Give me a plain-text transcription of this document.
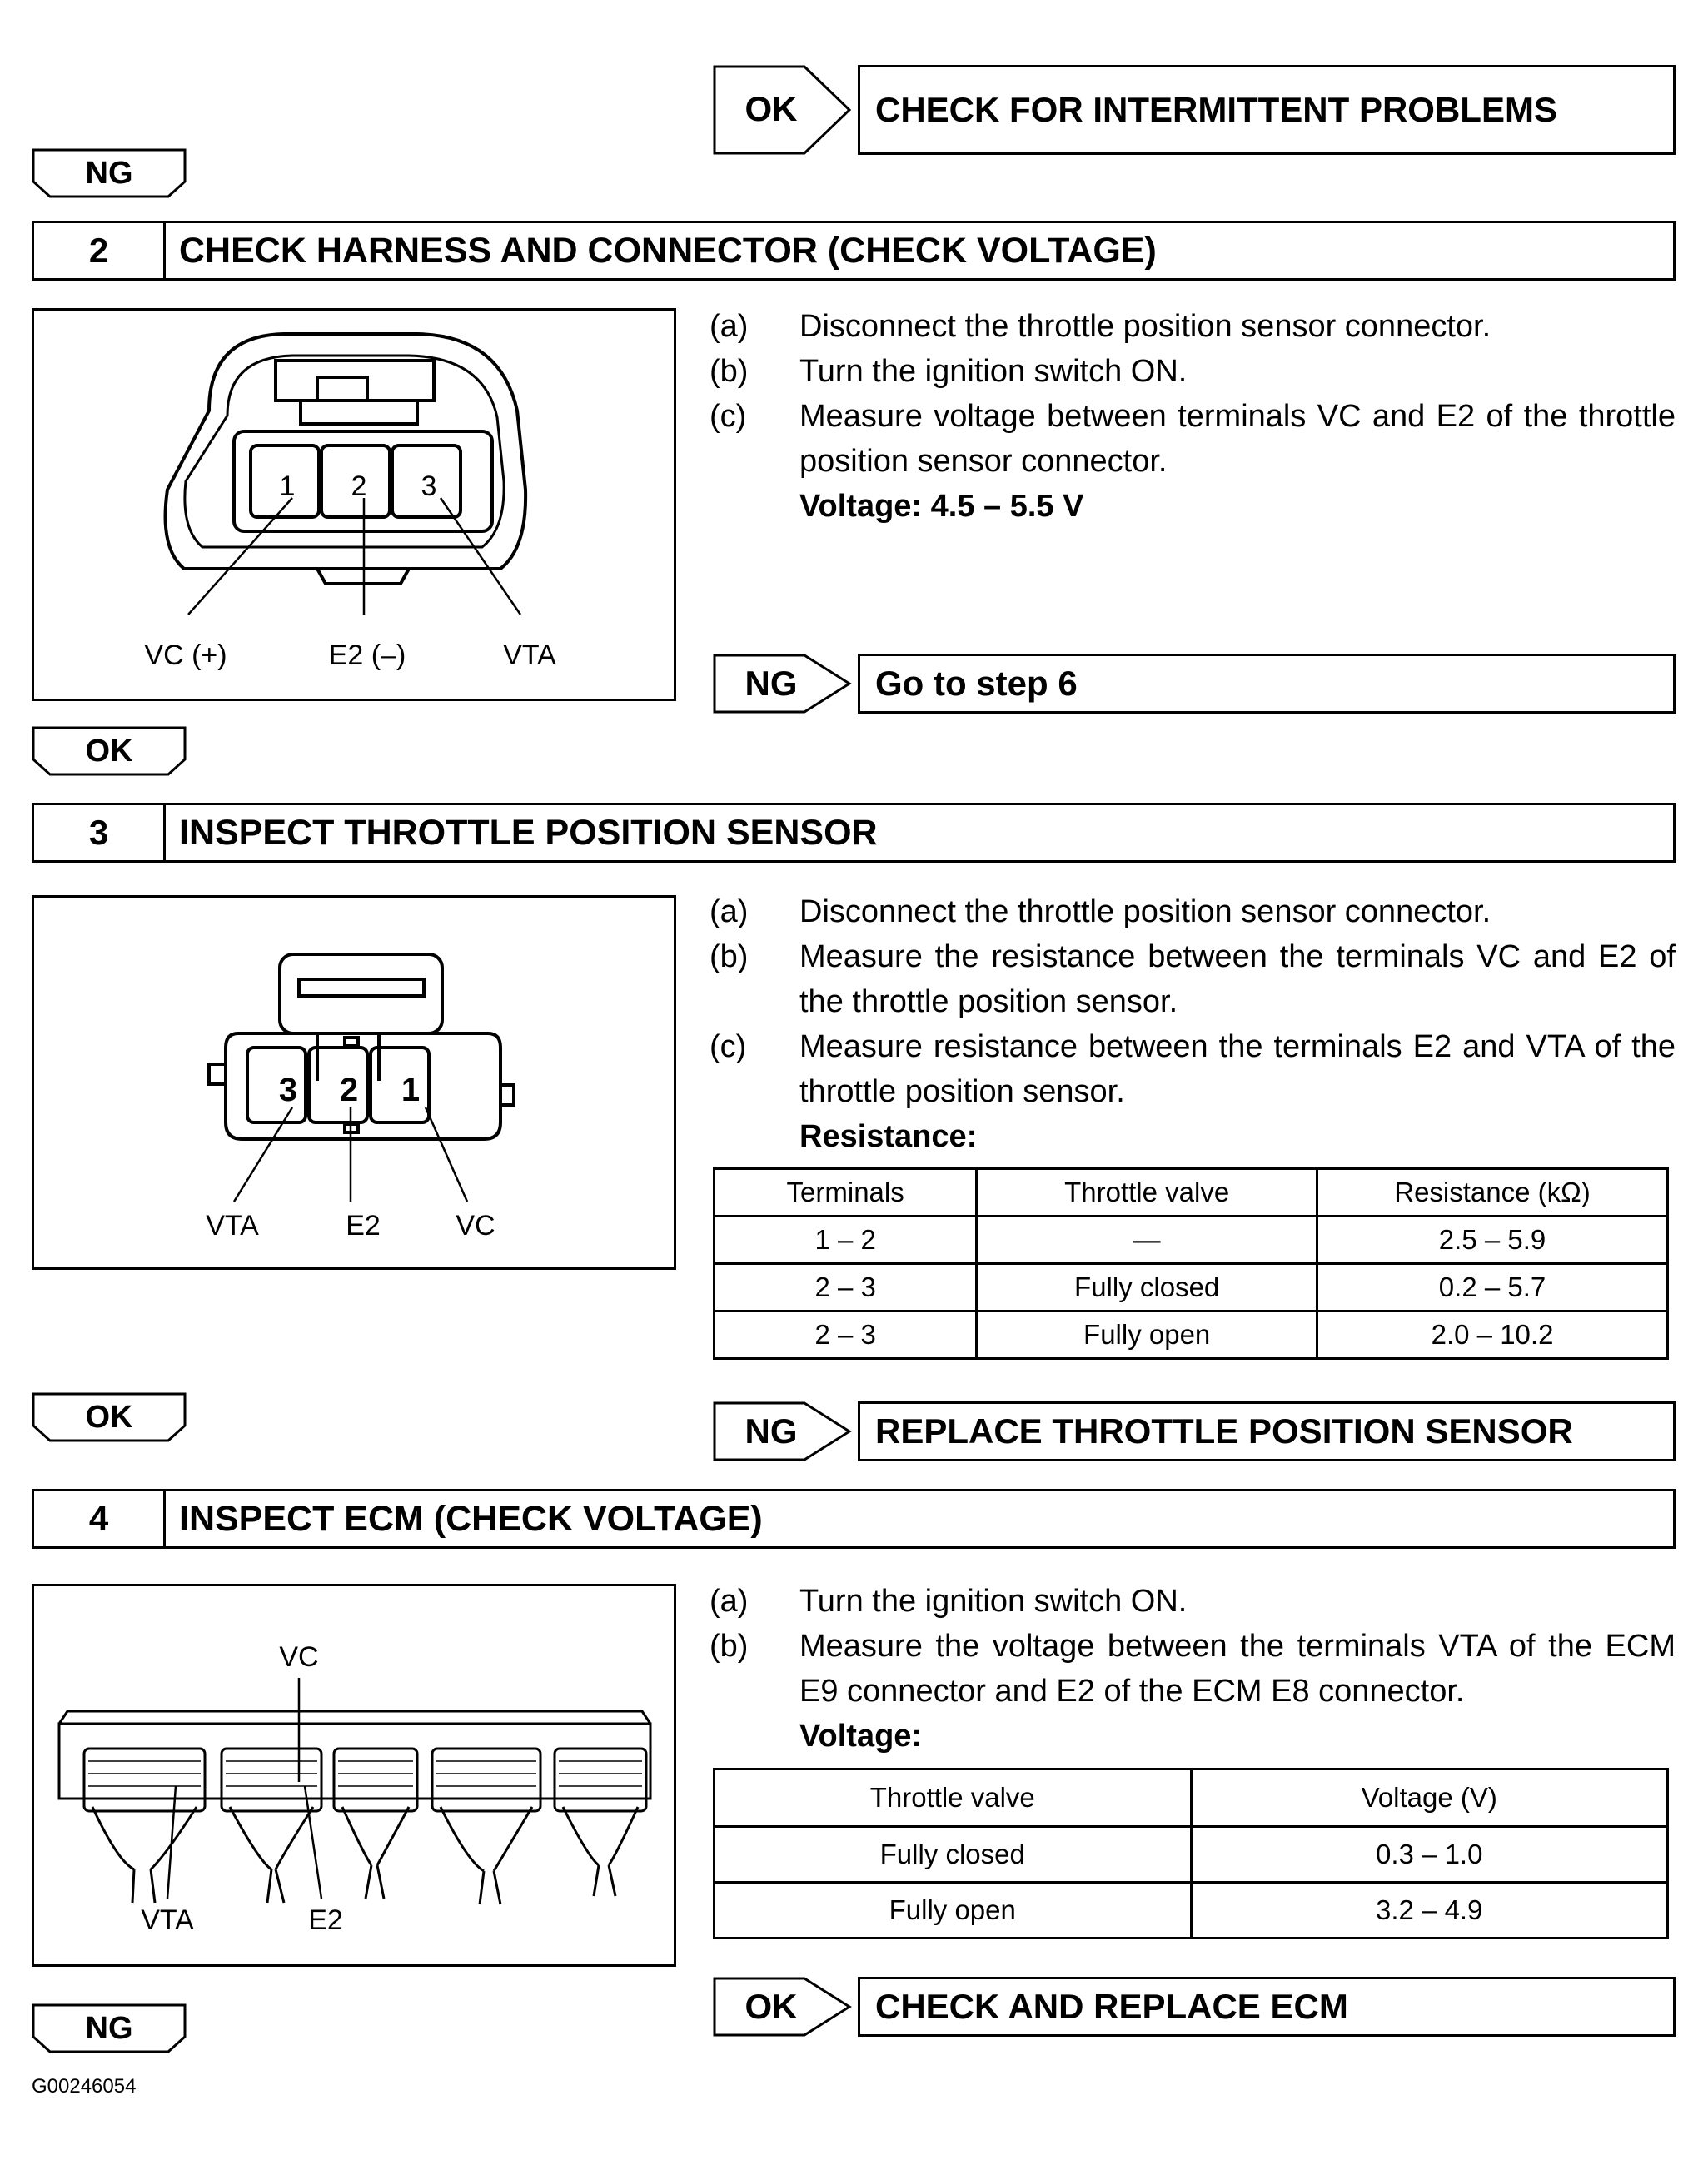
OK	CHECK FOR INTERMITTENT PROBLEMS
NG
2	CHECK HARNESS AND CONNECTOR (CHECK VOLTAGE)
1 2 3
VC (+)	E2 (–)	VTA
(a)	Disconnect the throttle position sensor connector.
(b)	Turn the ignition switch ON.
(c)	Measure voltage between terminals VC and E2 of the throttle position sensor connector.
Voltage: 4.5 – 5.5 V
NG	Go to step 6
OK
3	INSPECT THROTTLE POSITION SENSOR
3 2 1
VTA	E2	VC
(a)	Disconnect the throttle position sensor connector.
(b)	Measure the resistance between the terminals VC and E2 of the throttle position sensor.
(c)	Measure resistance between the terminals E2 and VTA of the throttle position sensor.
Resistance:
Terminals	Throttle valve	Resistance (kΩ)
1 – 2	—	2.5 – 5.9
2 – 3	Fully closed	0.2 – 5.7
2 – 3	Fully open	2.0 – 10.2
OK	NG	REPLACE THROTTLE POSITION SENSOR
4	INSPECT ECM (CHECK VOLTAGE)
VC
VTA	E2
(a)	Turn the ignition switch ON.
(b)	Measure the voltage between the terminals VTA of the ECM E9 connector and E2 of the ECM E8 connector.
Voltage:
Throttle valve	Voltage (V)
Fully closed	0.3 – 1.0
Fully open	3.2 – 4.9
OK	CHECK AND REPLACE ECM
NG
G00246054
